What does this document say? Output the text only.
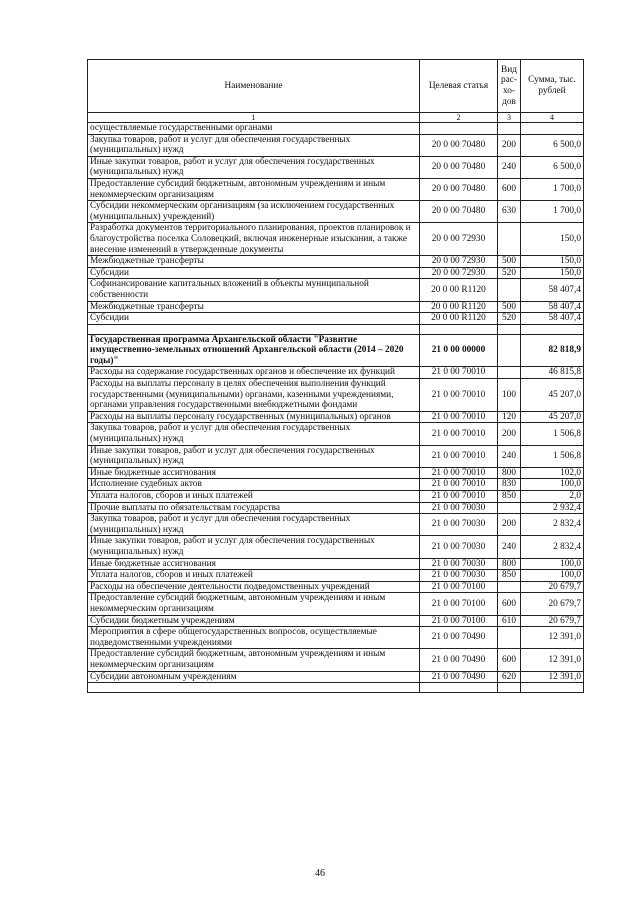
Наименование	Целевая статья	Вид рас-хо-дов	Сумма, тыс. рублей
1	2	3	4
осуществляемые государственными органами			
Закупка товаров, работ и услуг для обеспечения государственных (муниципальных) нужд	20 0 00 70480	200	6 500,0
Иные закупки товаров, работ и услуг для обеспечения государственных (муниципальных) нужд	20 0 00 70480	240	6 500,0
Предоставление субсидий бюджетным, автономным учреждениям и иным некоммерческим организациям	20 0 00 70480	600	1 700,0
Субсидии некоммерческим организациям (за исключением государственных (муниципальных) учреждений)	20 0 00 70480	630	1 700,0
Разработка документов территориального планирования, проектов планировок и благоустройства поселка Соловецкий, включая инженерные изыскания, а также внесение изменений в утвержденные документы	20 0 00 72930		150,0
Межбюджетные трансферты	20 0 00 72930	500	150,0
Субсидии	20 0 00 72930	520	150,0
Софинансирование капитальных вложений в объекты муниципальной собственности	20 0 00 R1120		58 407,4
Межбюджетные трансферты	20 0 00 R1120	500	58 407,4
Субсидии	20 0 00 R1120	520	58 407,4

Государственная программа Архангельской области "Развитие имущественно-земельных отношений Архангельской области (2014 – 2020 годы)"	21 0 00 00000		82 818,9
Расходы на содержание государственных органов и обеспечение их функций	21 0 00 70010		46 815,8
Расходы на выплаты персоналу в целях обеспечения выполнения функций государственными (муниципальными) органами, казенными учреждениями, органами управления государственными внебюджетными фондами	21 0 00 70010	100	45 207,0
Расходы на выплаты персоналу государственных (муниципальных) органов	21 0 00 70010	120	45 207,0
Закупка товаров, работ и услуг для обеспечения государственных (муниципальных) нужд	21 0 00 70010	200	1 506,8
Иные закупки товаров, работ и услуг для обеспечения государственных (муниципальных) нужд	21 0 00 70010	240	1 506,8
Иные бюджетные ассигнования	21 0 00 70010	800	102,0
Исполнение судебных актов	21 0 00 70010	830	100,0
Уплата налогов, сборов и иных платежей	21 0 00 70010	850	2,0
Прочие выплаты по обязательствам государства	21 0 00 70030		2 932,4
Закупка товаров, работ и услуг для обеспечения государственных (муниципальных) нужд	21 0 00 70030	200	2 832,4
Иные закупки товаров, работ и услуг для обеспечения государственных (муниципальных) нужд	21 0 00 70030	240	2 832,4
Иные бюджетные ассигнования	21 0 00 70030	800	100,0
Уплата налогов, сборов и иных платежей	21 0 00 70030	850	100,0
Расходы на обеспечение деятельности подведомственных учреждений	21 0 00 70100		20 679,7
Предоставление субсидий бюджетным, автономным учреждениям и иным некоммерческим организациям	21 0 00 70100	600	20 679,7
Субсидии бюджетным учреждениям	21 0 00 70100	610	20 679,7
Мероприятия в сфере общегосударственных вопросов, осуществляемые подведомственными учреждениями	21 0 00 70490		12 391,0
Предоставление субсидий бюджетным, автономным учреждениям и иным некоммерческим организациям	21 0 00 70490	600	12 391,0
Субсидии автономным учреждениям	21 0 00 70490	620	12 391,0

46
